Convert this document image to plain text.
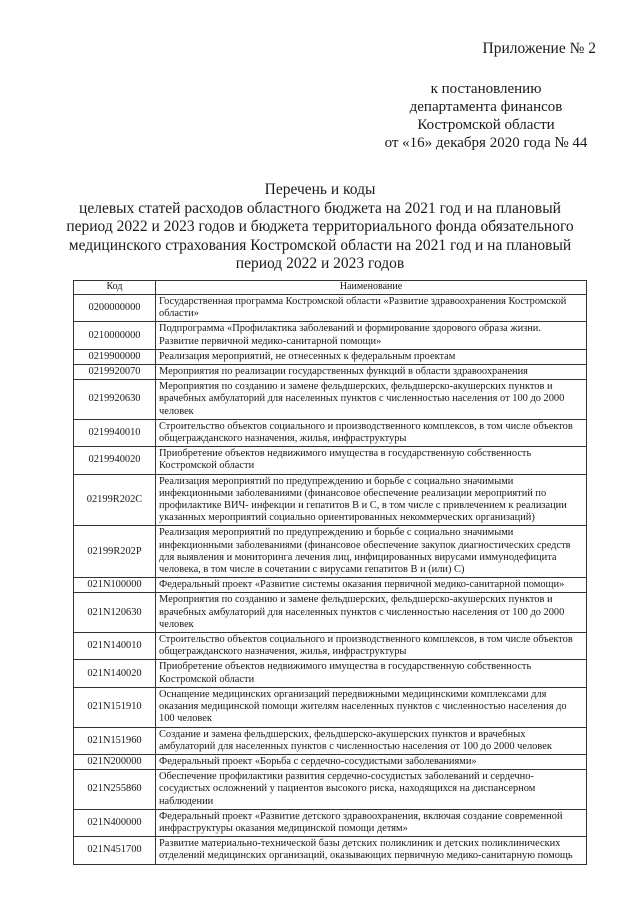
Приложение № 2
к постановлению
департамента финансов
Костромской области
от «16» декабря 2020 года № 44
Перечень и коды
целевых статей расходов областного бюджета на 2021 год и на плановый
период 2022 и 2023 годов и бюджета территориального фонда обязательного
медицинского страхования Костромской области на 2021 год и на плановый
период 2022 и 2023 годов
Код	Наименование
0200000000	Государственная программа Костромской области «Развитие здравоохранения Костромской области»
0210000000	Подпрограмма «Профилактика заболеваний и формирование здорового образа жизни. Развитие первичной медико-санитарной помощи»
0219900000	Реализация мероприятий, не отнесенных к федеральным проектам
0219920070	Мероприятия по реализации государственных функций в области здравоохранения
0219920630	Мероприятия по созданию и замене фельдшерских, фельдшерско-акушерских пунктов и врачебных амбулаторий для населенных пунктов с численностью населения от 100 до 2000 человек
0219940010	Строительство объектов социального и производственного комплексов, в том числе объектов общегражданского назначения, жилья, инфраструктуры
0219940020	Приобретение объектов недвижимого имущества в государственную собственность Костромской области
02199R202C	Реализация мероприятий по предупреждению и борьбе с социально значимыми инфекционными заболеваниями (финансовое обеспечение реализации мероприятий по профилактике ВИЧ- инфекции и гепатитов B и C, в том числе с привлечением к реализации указанных мероприятий социально ориентированных некоммерческих организаций)
02199R202P	Реализация мероприятий по предупреждению и борьбе с социально значимыми инфекционными заболеваниями (финансовое обеспечение закупок диагностических средств для выявления и мониторинга лечения лиц, инфицированных вирусами иммунодефицита человека, в том числе в сочетании с вирусами гепатитов B и (или) C)
021N100000	Федеральный проект «Развитие системы оказания первичной медико-санитарной помощи»
021N120630	Мероприятия по созданию и замене фельдшерских, фельдшерско-акушерских пунктов и врачебных амбулаторий для населенных пунктов с численностью населения от 100 до 2000 человек
021N140010	Строительство объектов социального и производственного комплексов, в том числе объектов общегражданского назначения, жилья, инфраструктуры
021N140020	Приобретение объектов недвижимого имущества в государственную собственность Костромской области
021N151910	Оснащение медицинских организаций передвижными медицинскими комплексами для оказания медицинской помощи жителям населенных пунктов с численностью населения до 100 человек
021N151960	Создание и замена фельдшерских, фельдшерско-акушерских пунктов и врачебных амбулаторий для населенных пунктов с численностью населения от 100 до 2000 человек
021N200000	Федеральный проект «Борьба с сердечно-сосудистыми заболеваниями»
021N255860	Обеспечение профилактики развития сердечно-сосудистых заболеваний и сердечно-сосудистых осложнений у пациентов высокого риска, находящихся на диспансерном наблюдении
021N400000	Федеральный проект «Развитие детского здравоохранения, включая создание современной инфраструктуры оказания медицинской помощи детям»
021N451700	Развитие материально-технической базы детских поликлиник и детских поликлинических отделений медицинских организаций, оказывающих первичную медико-санитарную помощь
